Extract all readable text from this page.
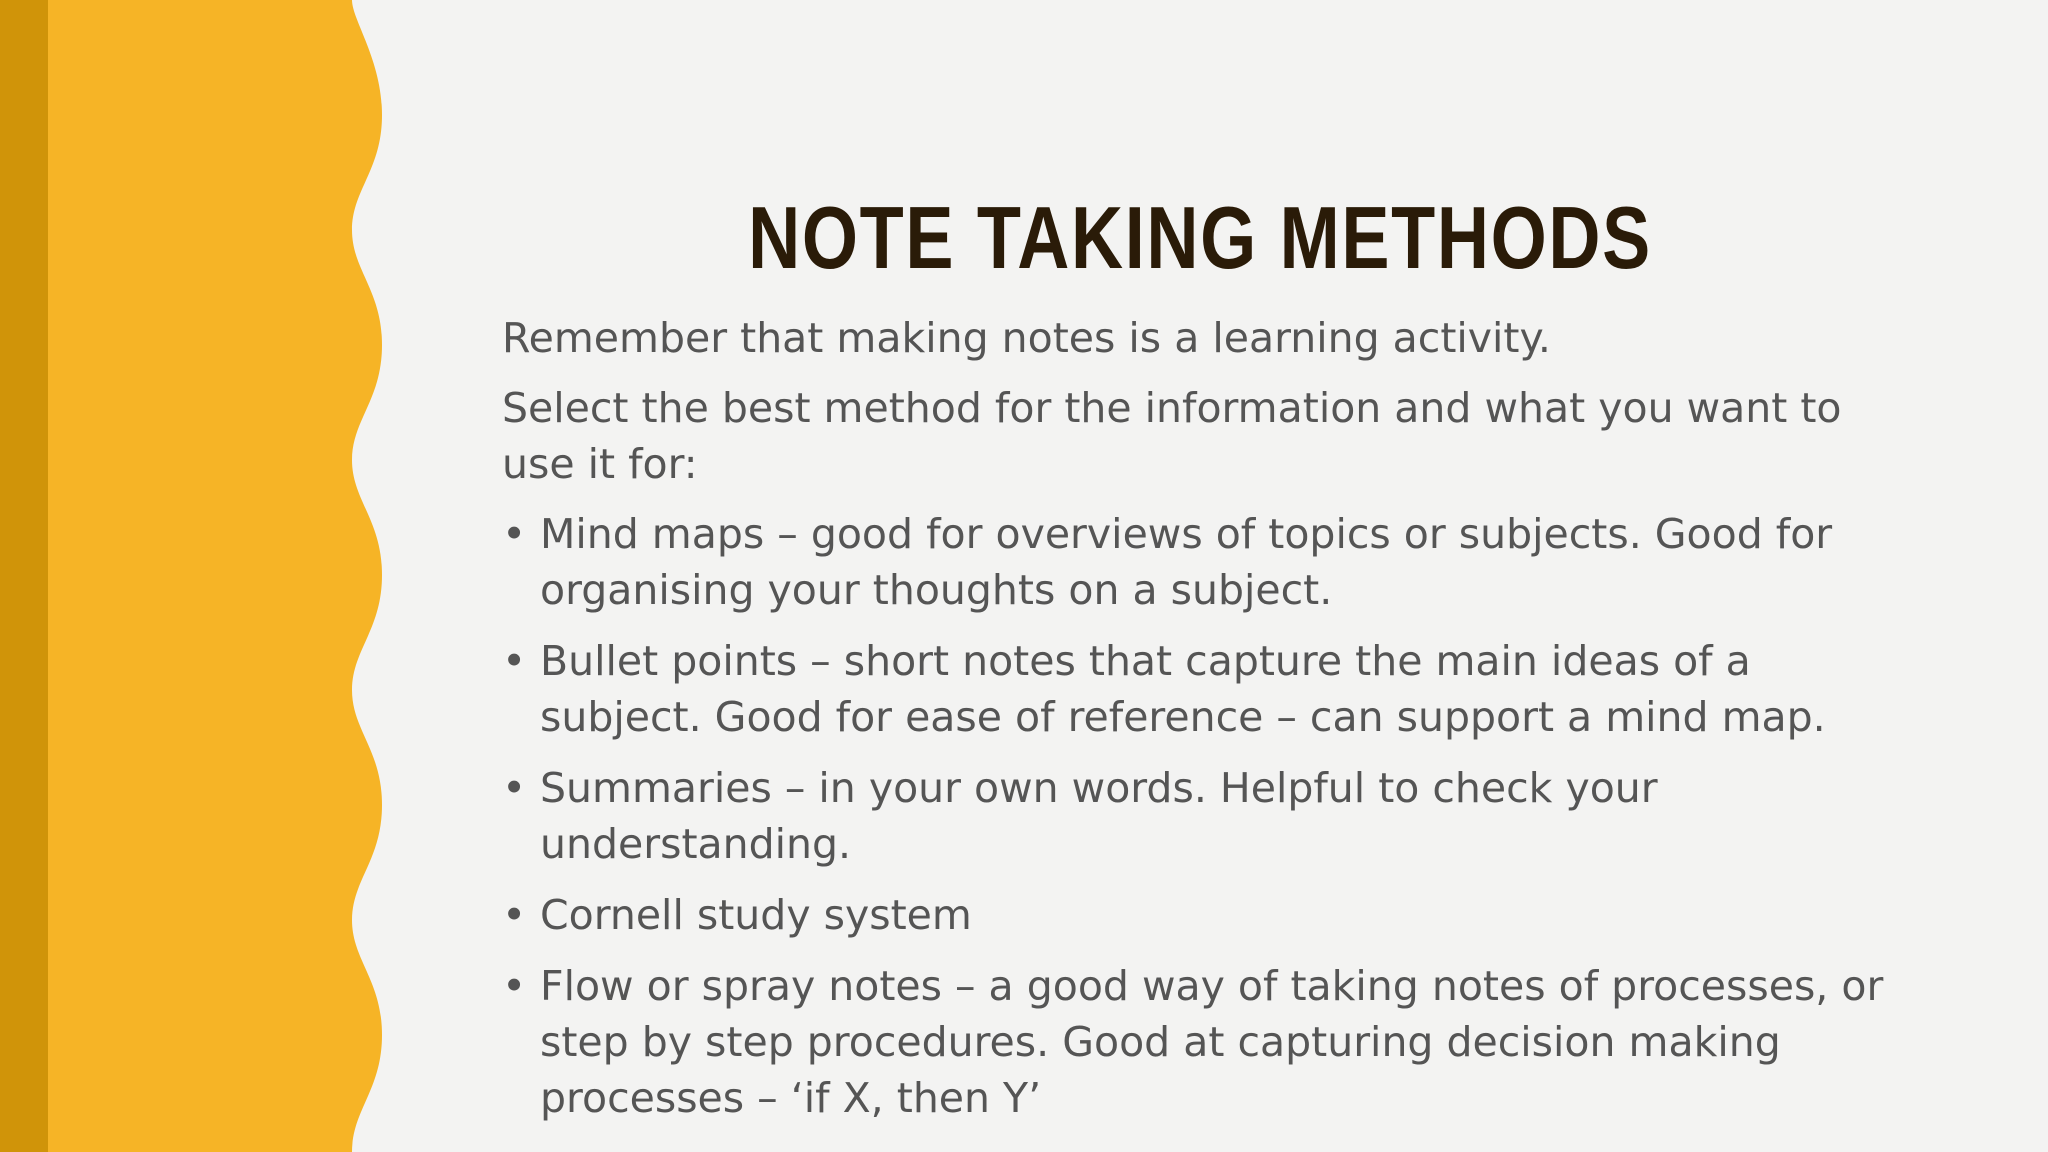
NOTE TAKING METHODS

Remember that making notes is a learning activity.

Select the best method for the information and what you want to use it for:

• Mind maps – good for overviews of topics or subjects. Good for organising your thoughts on a subject.
• Bullet points – short notes that capture the main ideas of a subject. Good for ease of reference – can support a mind map.
• Summaries – in your own words. Helpful to check your understanding.
• Cornell study system
• Flow or spray notes – a good way of taking notes of processes, or step by step procedures. Good at capturing decision making processes – ‘if X, then Y’
